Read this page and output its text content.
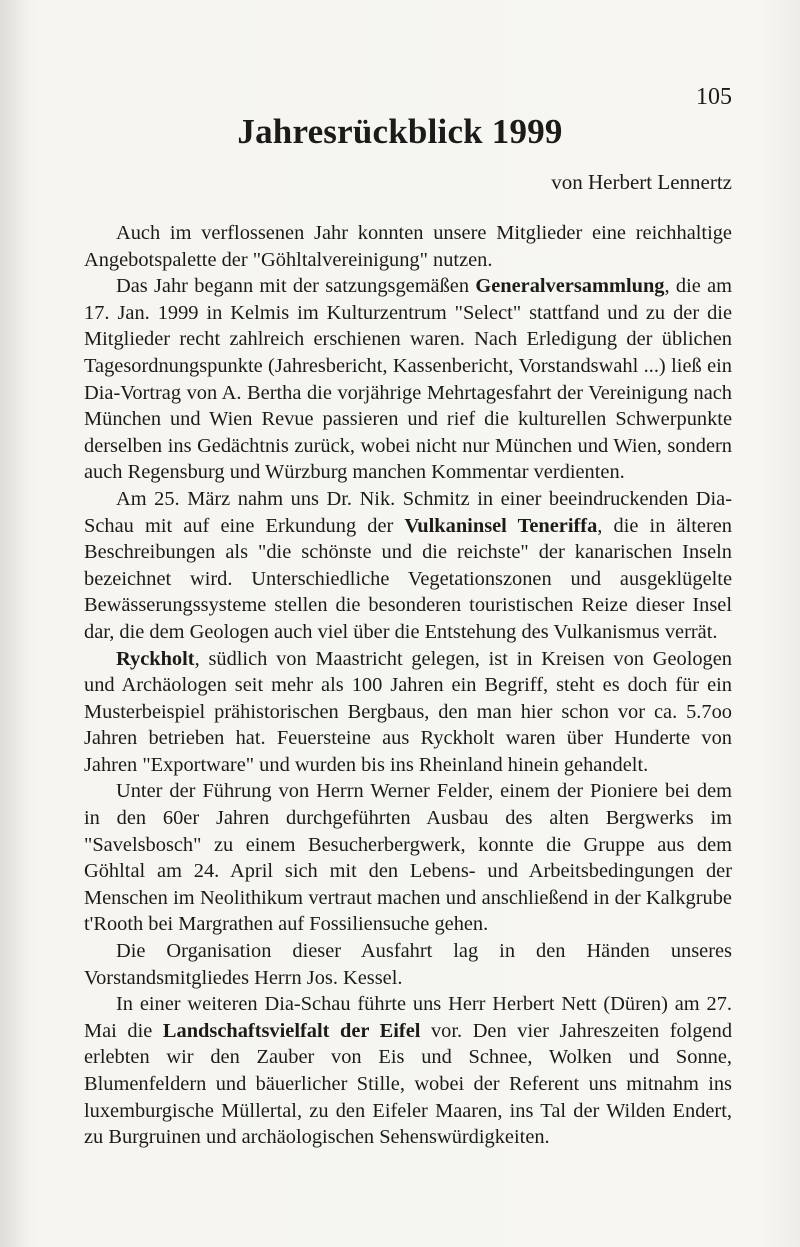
105
Jahresrückblick 1999
von Herbert Lennertz

Auch im verflossenen Jahr konnten unsere Mitglieder eine reichhaltige Angebotspalette der "Göhltalvereinigung" nutzen.

Das Jahr begann mit der satzungsgemäßen Generalversammlung, die am 17. Jan. 1999 in Kelmis im Kulturzentrum "Select" stattfand und zu der die Mitglieder recht zahlreich erschienen waren. Nach Erledigung der üblichen Tagesordnungspunkte (Jahresbericht, Kassenbericht, Vorstandswahl ...) ließ ein Dia-Vortrag von A. Bertha die vorjährige Mehrtagesfahrt der Vereinigung nach München und Wien Revue passieren und rief die kulturellen Schwerpunkte derselben ins Gedächtnis zurück, wobei nicht nur München und Wien, sondern auch Regensburg und Würzburg manchen Kommentar verdienten.

Am 25. März nahm uns Dr. Nik. Schmitz in einer beeindruckenden Dia-Schau mit auf eine Erkundung der Vulkaninsel Teneriffa, die in älteren Beschreibungen als "die schönste und die reichste" der kanarischen Inseln bezeichnet wird. Unterschiedliche Vegetationszonen und ausgeklügelte Bewässerungssysteme stellen die besonderen touristischen Reize dieser Insel dar, die dem Geologen auch viel über die Entstehung des Vulkanismus verrät.

Ryckholt, südlich von Maastricht gelegen, ist in Kreisen von Geologen und Archäologen seit mehr als 100 Jahren ein Begriff, steht es doch für ein Musterbeispiel prähistorischen Bergbaus, den man hier schon vor ca. 5.7oo Jahren betrieben hat. Feuersteine aus Ryckholt waren über Hunderte von Jahren "Exportware" und wurden bis ins Rheinland hinein gehandelt.

Unter der Führung von Herrn Werner Felder, einem der Pioniere bei dem in den 60er Jahren durchgeführten Ausbau des alten Bergwerks im "Savelsbosch" zu einem Besucherbergwerk, konnte die Gruppe aus dem Göhltal am 24. April sich mit den Lebens- und Arbeitsbedingungen der Menschen im Neolithikum vertraut machen und anschließend in der Kalkgrube t'Rooth bei Margrathen auf Fossiliensuche gehen.

Die Organisation dieser Ausfahrt lag in den Händen unseres Vorstandsmitgliedes Herrn Jos. Kessel.

In einer weiteren Dia-Schau führte uns Herr Herbert Nett (Düren) am 27. Mai die Landschaftsvielfalt der Eifel vor. Den vier Jahreszeiten folgend erlebten wir den Zauber von Eis und Schnee, Wolken und Sonne, Blumenfeldern und bäuerlicher Stille, wobei der Referent uns mitnahm ins luxemburgische Müllertal, zu den Eifeler Maaren, ins Tal der Wilden Endert, zu Burgruinen und archäologischen Sehenswürdigkeiten.
